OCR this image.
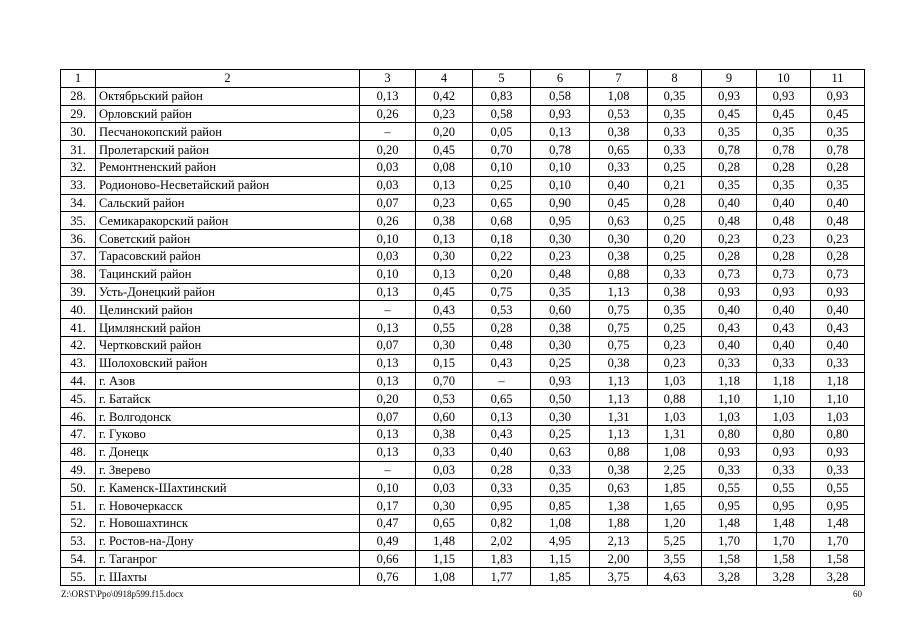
1	2	3	4	5	6	7	8	9	10	11
28.	Октябрьский район	0,13	0,42	0,83	0,58	1,08	0,35	0,93	0,93	0,93
29.	Орловский район	0,26	0,23	0,58	0,93	0,53	0,35	0,45	0,45	0,45
30.	Песчанокопский район	–	0,20	0,05	0,13	0,38	0,33	0,35	0,35	0,35
31.	Пролетарский район	0,20	0,45	0,70	0,78	0,65	0,33	0,78	0,78	0,78
32.	Ремонтненский район	0,03	0,08	0,10	0,10	0,33	0,25	0,28	0,28	0,28
33.	Родионово-Несветайский район	0,03	0,13	0,25	0,10	0,40	0,21	0,35	0,35	0,35
34.	Сальский район	0,07	0,23	0,65	0,90	0,45	0,28	0,40	0,40	0,40
35.	Семикаракорский район	0,26	0,38	0,68	0,95	0,63	0,25	0,48	0,48	0,48
36.	Советский район	0,10	0,13	0,18	0,30	0,30	0,20	0,23	0,23	0,23
37.	Тарасовский район	0,03	0,30	0,22	0,23	0,38	0,25	0,28	0,28	0,28
38.	Тацинский район	0,10	0,13	0,20	0,48	0,88	0,33	0,73	0,73	0,73
39.	Усть-Донецкий район	0,13	0,45	0,75	0,35	1,13	0,38	0,93	0,93	0,93
40.	Целинский район	–	0,43	0,53	0,60	0,75	0,35	0,40	0,40	0,40
41.	Цимлянский район	0,13	0,55	0,28	0,38	0,75	0,25	0,43	0,43	0,43
42.	Чертковский район	0,07	0,30	0,48	0,30	0,75	0,23	0,40	0,40	0,40
43.	Шолоховский район	0,13	0,15	0,43	0,25	0,38	0,23	0,33	0,33	0,33
44.	г. Азов	0,13	0,70	–	0,93	1,13	1,03	1,18	1,18	1,18
45.	г. Батайск	0,20	0,53	0,65	0,50	1,13	0,88	1,10	1,10	1,10
46.	г. Волгодонск	0,07	0,60	0,13	0,30	1,31	1,03	1,03	1,03	1,03
47.	г. Гуково	0,13	0,38	0,43	0,25	1,13	1,31	0,80	0,80	0,80
48.	г. Донецк	0,13	0,33	0,40	0,63	0,88	1,08	0,93	0,93	0,93
49.	г. Зверево	–	0,03	0,28	0,33	0,38	2,25	0,33	0,33	0,33
50.	г. Каменск-Шахтинский	0,10	0,03	0,33	0,35	0,63	1,85	0,55	0,55	0,55
51.	г. Новочеркасск	0,17	0,30	0,95	0,85	1,38	1,65	0,95	0,95	0,95
52.	г. Новошахтинск	0,47	0,65	0,82	1,08	1,88	1,20	1,48	1,48	1,48
53.	г. Ростов-на-Дону	0,49	1,48	2,02	4,95	2,13	5,25	1,70	1,70	1,70
54.	г. Таганрог	0,66	1,15	1,83	1,15	2,00	3,55	1,58	1,58	1,58
55.	г. Шахты	0,76	1,08	1,77	1,85	3,75	4,63	3,28	3,28	3,28
Z:\ORST\Ppo\0918p599.f15.docx	60
